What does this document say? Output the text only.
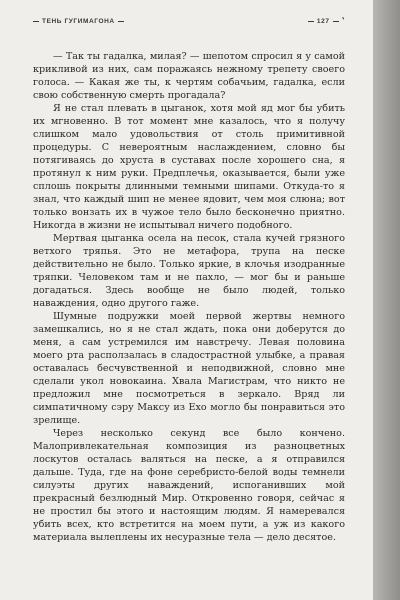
ТЕНЬ ГУГИМАГОНА	127 ⌝

— Так ты гадалка, милая? — шепотом спросил я у самой крикливой из них, сам поражаясь нежному трепету своего голоса. — Какая же ты, к чертям собачьим, гадалка, если свою собственную смерть прогадала?

Я не стал плевать в цыганок, хотя мой яд мог бы убить их мгновенно. В тот момент мне казалось, что я получу слишком мало удовольствия от столь примитивной процедуры. С невероятным наслаждением, словно бы потягиваясь до хруста в суставах после хорошего сна, я протянул к ним руки. Предплечья, оказывается, были уже сплошь покрыты длинными темными шипами. Откуда-то я знал, что каждый шип не менее ядовит, чем моя слюна; вот только вонзать их в чужое тело было бесконечно приятно. Никогда в жизни не испытывал ничего подобного.

Мертвая цыганка осела на песок, стала кучей грязного ветхого тряпья. Это не метафора, трупа на песке действительно не было. Только яркие, в клочья изодранные тряпки. Человеком там и не пахло, — мог бы и раньше догадаться. Здесь вообще не было людей, только наваждения, одно другого гаже.

Шумные подружки моей первой жертвы немного замешкались, но я не стал ждать, пока они доберутся до меня, а сам устремился им навстречу. Левая половина моего рта расползалась в сладострастной улыбке, а правая оставалась бесчувственной и неподвижной, словно мне сделали укол новокаина. Хвала Магистрам, что никто не предложил мне посмотреться в зеркало. Вряд ли симпатичному сэру Максу из Ехо могло бы понравиться это зрелище.

Через несколько секунд все было кончено. Малопривлекательная композиция из разноцветных лоскутов осталась валяться на песке, а я отправился дальше. Туда, где на фоне серебристо-белой воды темнели силуэты других наваждений, испоганивших мой прекрасный безлюдный Мир. Откровенно говоря, сейчас я не простил бы этого и настоящим людям. Я намеревался убить всех, кто встретится на моем пути, а уж из какого материала вылеплены их несуразные тела — дело десятое.
